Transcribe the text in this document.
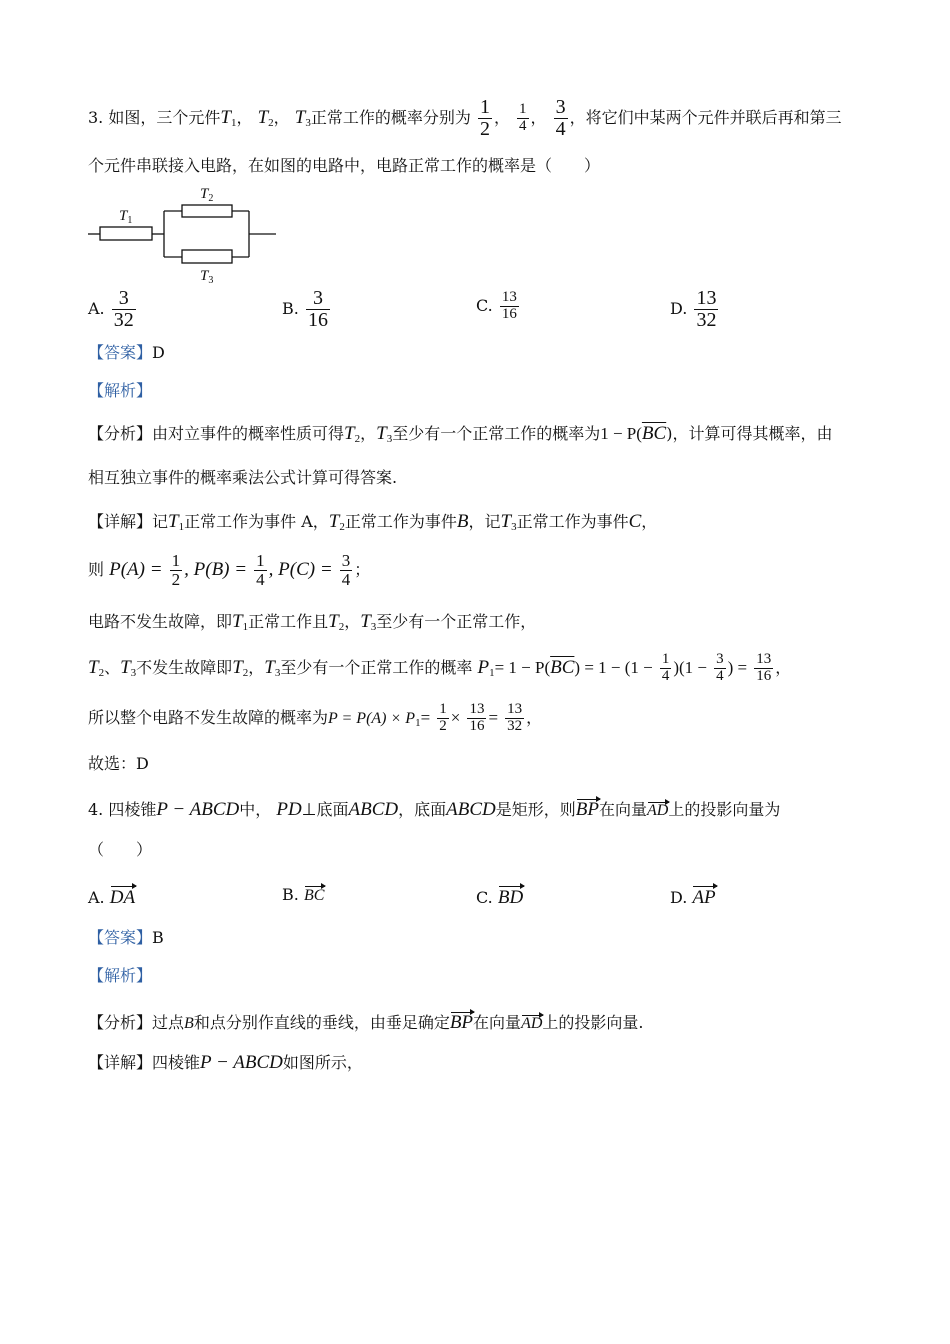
3. 如图，三个元件$T_1$， $T_2$， $T_3$正常工作的概率分别为 $\frac{1}{2}$ ， $\frac{1}{4}$ ， $\frac{3}{4}$ ，将它们中某两个元件并联后再和第三
个元件串联接入电路，在如图的电路中，电路正常工作的概率是（　　）
$T_1$
$T_2$
$T_3$
A. $\frac{3}{32}$	B. $\frac{3}{16}$	C. $\frac{13}{16}$	D. $\frac{13}{32}$
【答案】D
【解析】
【分析】由对立事件的概率性质可得$T_2$，$T_3$至少有一个正常工作的概率为$1 - P(\overline{BC})$，计算可得其概率，由
相互独立事件的概率乘法公式计算可得答案.
【详解】记$T_1$正常工作为事件 A，$T_2$正常工作为事件B，记$T_3$正常工作为事件C，
则 $P(A) = \frac{1}{2}$ , $P(B) = \frac{1}{4}$ , $P(C) = \frac{3}{4}$ ；
电路不发生故障，即$T_1$正常工作且$T_2$，$T_3$至少有一个正常工作，
$T_2$、$T_3$不发生故障即$T_2$，$T_3$至少有一个正常工作的概率 $P_1= 1 - P(\overline{BC}) = 1 - (1 - \frac{1}{4} )(1 - \frac{3}{4}$ ) = $\frac{13}{16}$ ，
所以整个电路不发生故障的概率为$P = P(A) \times P_1= \frac{1}{2} \times \frac{13}{16} = \frac{13}{32}$ ，
故选：D
4. 四棱锥P − ABCD中， PD⊥底面ABCD，底面ABCD是矩形，则BP在向量AD上的投影向量为
（　　）
A. DA	B. BC	C. BD	D. AP
【答案】B
【解析】
【分析】过点B和点分别作直线的垂线，由垂足确定BP在向量AD上的投影向量.
【详解】四棱锥P − ABCD如图所示，
